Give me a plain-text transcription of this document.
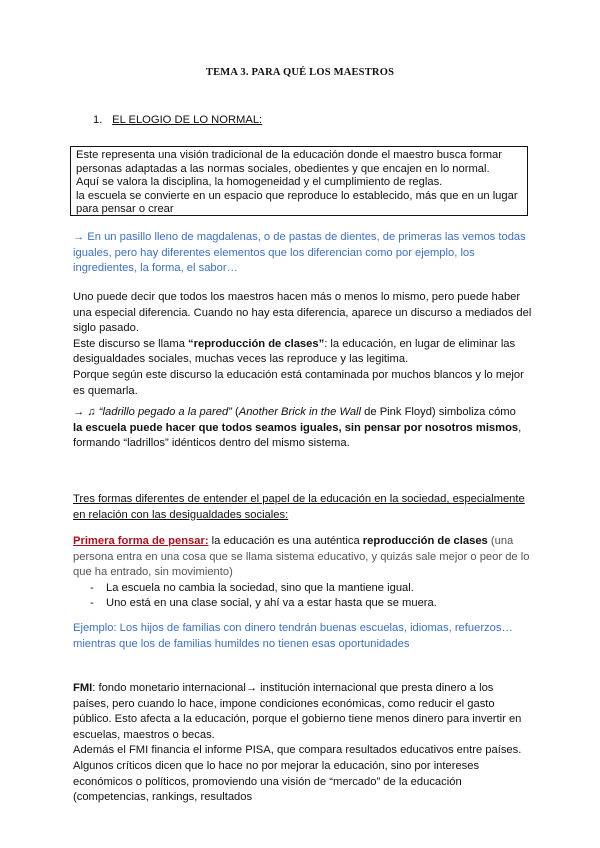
TEMA 3. PARA QUÉ LOS MAESTROS
1. EL ELOGIO DE LO NORMAL:
Este representa una visión tradicional de la educación donde el maestro busca formar
personas adaptadas a las normas sociales, obedientes y que encajen en lo normal.
Aquí se valora la disciplina, la homogeneidad y el cumplimiento de reglas.
la escuela se convierte en un espacio que reproduce lo establecido, más que en un lugar
para pensar o crear
→ En un pasillo lleno de magdalenas, o de pastas de dientes, de primeras las vemos todas
iguales, pero hay diferentes elementos que los diferencian como por ejemplo, los
ingredientes, la forma, el sabor…
Uno puede decir que todos los maestros hacen más o menos lo mismo, pero puede haber
una especial diferencia. Cuando no hay esta diferencia, aparece un discurso a mediados del
siglo pasado.
Este discurso se llama “reproducción de clases”: la educación, en lugar de eliminar las
desigualdades sociales, muchas veces las reproduce y las legitima.
Porque según este discurso la educación está contaminada por muchos blancos y lo mejor
es quemarla.
→ ♫ “ladrillo pegado a la pared” (Another Brick in the Wall de Pink Floyd) simboliza cómo
la escuela puede hacer que todos seamos iguales, sin pensar por nosotros mismos,
formando “ladrillos” idénticos dentro del mismo sistema.
Tres formas diferentes de entender el papel de la educación en la sociedad, especialmente
en relación con las desigualdades sociales:
Primera forma de pensar: la educación es una auténtica reproducción de clases (una
persona entra en una cosa que se llama sistema educativo, y quizás sale mejor o peor de lo
que ha entrado, sin movimiento)
- La escuela no cambia la sociedad, sino que la mantiene igual.
- Uno está en una clase social, y ahí va a estar hasta que se muera.
Ejemplo: Los hijos de familias con dinero tendrán buenas escuelas, idiomas, refuerzos…
mientras que los de familias humildes no tienen esas oportunidades
FMI: fondo monetario internacional→ institución internacional que presta dinero a los
países, pero cuando lo hace, impone condiciones económicas, como reducir el gasto
público. Esto afecta a la educación, porque el gobierno tiene menos dinero para invertir en
escuelas, maestros o becas.
Además el FMI financia el informe PISA, que compara resultados educativos entre países.
Algunos críticos dicen que lo hace no por mejorar la educación, sino por intereses
económicos o políticos, promoviendo una visión de “mercado” de la educación
(competencias, rankings, resultados
